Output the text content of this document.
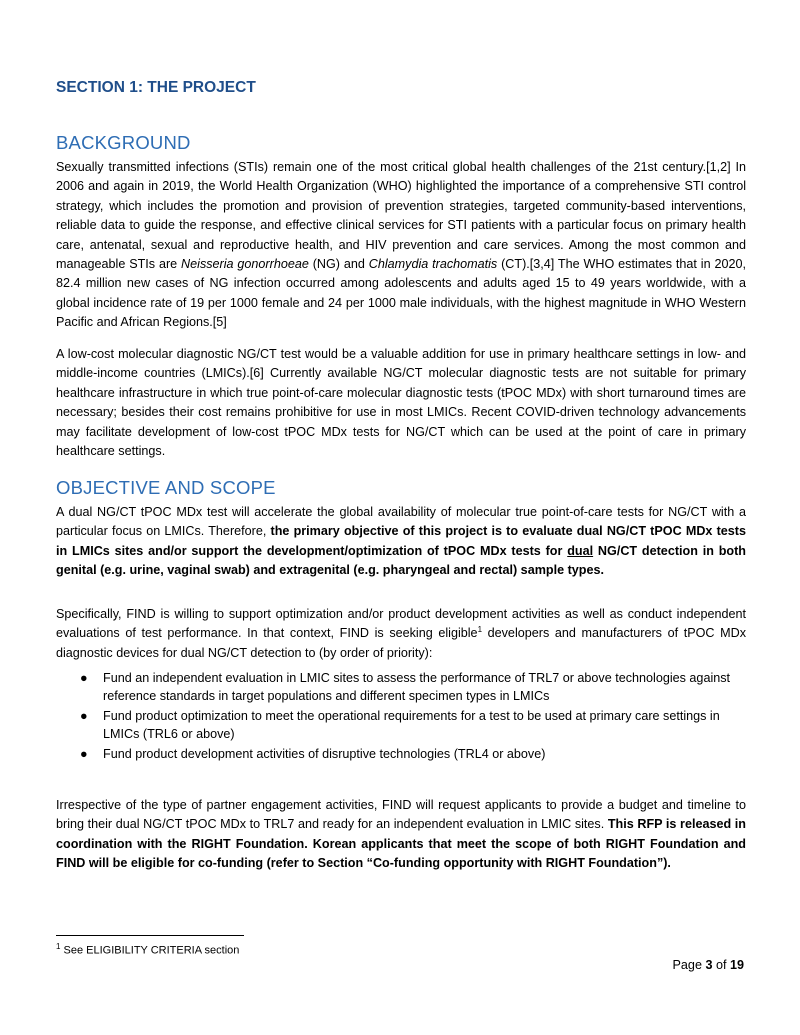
SECTION 1: THE PROJECT
BACKGROUND

Sexually transmitted infections (STIs) remain one of the most critical global health challenges of the 21st century.[1,2] In 2006 and again in 2019, the World Health Organization (WHO) highlighted the importance of a comprehensive STI control strategy, which includes the promotion and provision of prevention strategies, targeted community-based interventions, reliable data to guide the response, and effective clinical services for STI patients with a particular focus on primary health care, antenatal, sexual and reproductive health, and HIV prevention and care services. Among the most common and manageable STIs are Neisseria gonorrhoeae (NG) and Chlamydia trachomatis (CT).[3,4] The WHO estimates that in 2020, 82.4 million new cases of NG infection occurred among adolescents and adults aged 15 to 49 years worldwide, with a global incidence rate of 19 per 1000 female and 24 per 1000 male individuals, with the highest magnitude in WHO Western Pacific and African Regions.[5]

A low-cost molecular diagnostic NG/CT test would be a valuable addition for use in primary healthcare settings in low- and middle-income countries (LMICs).[6] Currently available NG/CT molecular diagnostic tests are not suitable for primary healthcare infrastructure in which true point-of-care molecular diagnostic tests (tPOC MDx) with short turnaround times are necessary; besides their cost remains prohibitive for use in most LMICs. Recent COVID-driven technology advancements may facilitate development of low-cost tPOC MDx tests for NG/CT which can be used at the point of care in primary healthcare settings.

OBJECTIVE AND SCOPE

A dual NG/CT tPOC MDx test will accelerate the global availability of molecular true point-of-care tests for NG/CT with a particular focus on LMICs. Therefore, the primary objective of this project is to evaluate dual NG/CT tPOC MDx tests in LMICs sites and/or support the development/optimization of tPOC MDx tests for dual NG/CT detection in both genital (e.g. urine, vaginal swab) and extragenital (e.g. pharyngeal and rectal) sample types.

Specifically, FIND is willing to support optimization and/or product development activities as well as conduct independent evaluations of test performance. In that context, FIND is seeking eligible$^1$ developers and manufacturers of tPOC MDx diagnostic devices for dual NG/CT detection to (by order of priority):

● Fund an independent evaluation in LMIC sites to assess the performance of TRL7 or above technologies against reference standards in target populations and different specimen types in LMICs
● Fund product optimization to meet the operational requirements for a test to be used at primary care settings in LMICs (TRL6 or above)
● Fund product development activities of disruptive technologies (TRL4 or above)

Irrespective of the type of partner engagement activities, FIND will request applicants to provide a budget and timeline to bring their dual NG/CT tPOC MDx to TRL7 and ready for an independent evaluation in LMIC sites. This RFP is released in coordination with the RIGHT Foundation. Korean applicants that meet the scope of both RIGHT Foundation and FIND will be eligible for co-funding (refer to Section “Co-funding opportunity with RIGHT Foundation”).

$^1$ See ELIGIBILITY CRITERIA section
Page 3 of 19
